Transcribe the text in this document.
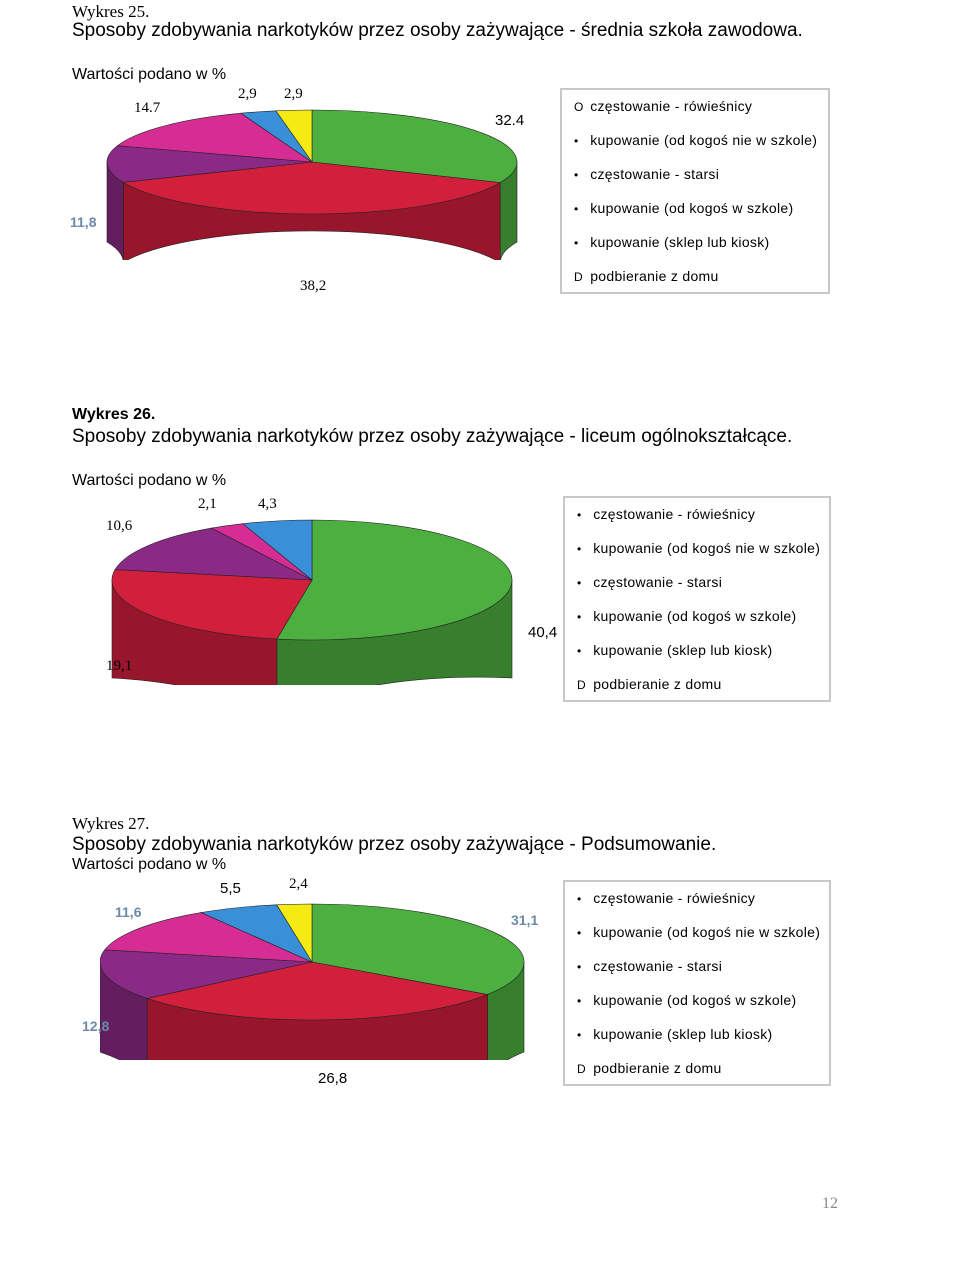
Wykres 25.
Sposoby zdobywania narkotyków przez osoby zażywające - średnia szkoła zawodowa.
Wartości podano w %
14.7
2,9 2,9
32.4
11,8
38,2
O częstowanie - rówieśnicy
• kupowanie (od kogoś nie w szkole)
• częstowanie - starsi
• kupowanie (od kogoś w szkole)
• kupowanie (sklep lub kiosk)
D podbieranie z domu
Wykres 26.
Sposoby zdobywania narkotyków przez osoby zażywające - liceum ogólnokształcące.
Wartości podano w %
10,6
2,1	4,3
40,4
19,1
• częstowanie - rówieśnicy
• kupowanie (od kogoś nie w szkole)
• częstowanie - starsi
• kupowanie (od kogoś w szkole)
• kupowanie (sklep lub kiosk)
D podbieranie z domu
Wykres 27.
Sposoby zdobywania narkotyków przez osoby zażywające - Podsumowanie.
Wartości podano w %
11,6
5,5	2,4
31,1
12,8
26,8
• częstowanie - rówieśnicy
• kupowanie (od kogoś nie w szkole)
• częstowanie - starsi
• kupowanie (od kogoś w szkole)
• kupowanie (sklep lub kiosk)
D podbieranie z domu
12
